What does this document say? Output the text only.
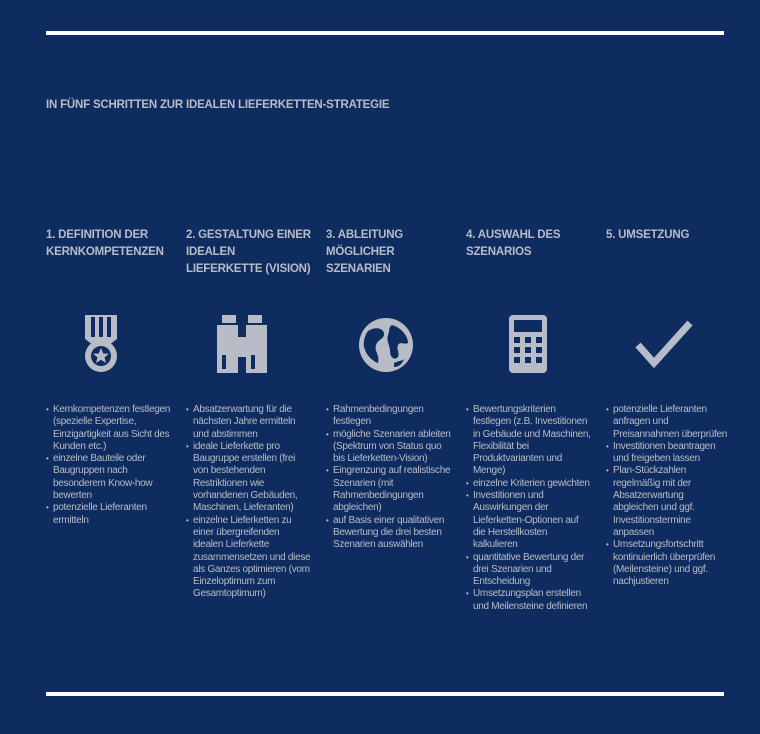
IN FÜNF SCHRITTEN ZUR IDEALEN LIEFERKETTEN-STRATEGIE
1. DEFINITION DER KERNKOMPETENZEN
• Kernkompetenzen festlegen (spezielle Expertise, Einzigartigkeit aus Sicht des Kunden etc.)
• einzelne Bauteile oder Baugruppen nach besonderem Know-how bewerten
• potenzielle Lieferanten ermitteln
2. GESTALTUNG EINER IDEALEN LIEFERKETTE (VISION)
• Absatzerwartung für die nächsten Jahre ermitteln und abstimmen
• ideale Lieferkette pro Baugruppe erstellen (frei von bestehenden Restriktionen wie vorhandenen Gebäuden, Maschinen, Lieferanten)
• einzelne Lieferketten zu einer übergreifenden idealen Lieferkette zusammensetzen und diese als Ganzes optimieren (vom Einzeloptimum zum Gesamtoptimum)
3. ABLEITUNG MÖGLICHER SZENARIEN
• Rahmenbedingungen festlegen
• mögliche Szenarien ableiten (Spektrum von Status quo bis Lieferketten-Vision)
• Eingrenzung auf realistische Szenarien (mit Rahmenbedingungen abgleichen)
• auf Basis einer qualitativen Bewertung die drei besten Szenarien auswählen
4. AUSWAHL DES SZENARIOS
• Bewertungskriterien festlegen (z.B. Investitionen in Gebäude und Maschinen, Flexibilität bei Produktvarianten und Menge)
• einzelne Kriterien gewichten
• Investitionen und Auswirkungen der Lieferketten-Optionen auf die Herstellkosten kalkulieren
• quantitative Bewertung der drei Szenarien und Entscheidung
• Umsetzungsplan erstellen und Meilensteine definieren
5. UMSETZUNG
• potenzielle Lieferanten anfragen und Preisannahmen überprüfen
• Investitionen beantragen und freigeben lassen
• Plan-Stückzahlen regelmäßig mit der Absatzerwartung abgleichen und ggf. Investitionstermine anpassen
• Umsetzungsfortschritt kontinuierlich überprüfen (Meilensteine) und ggf. nachjustieren
